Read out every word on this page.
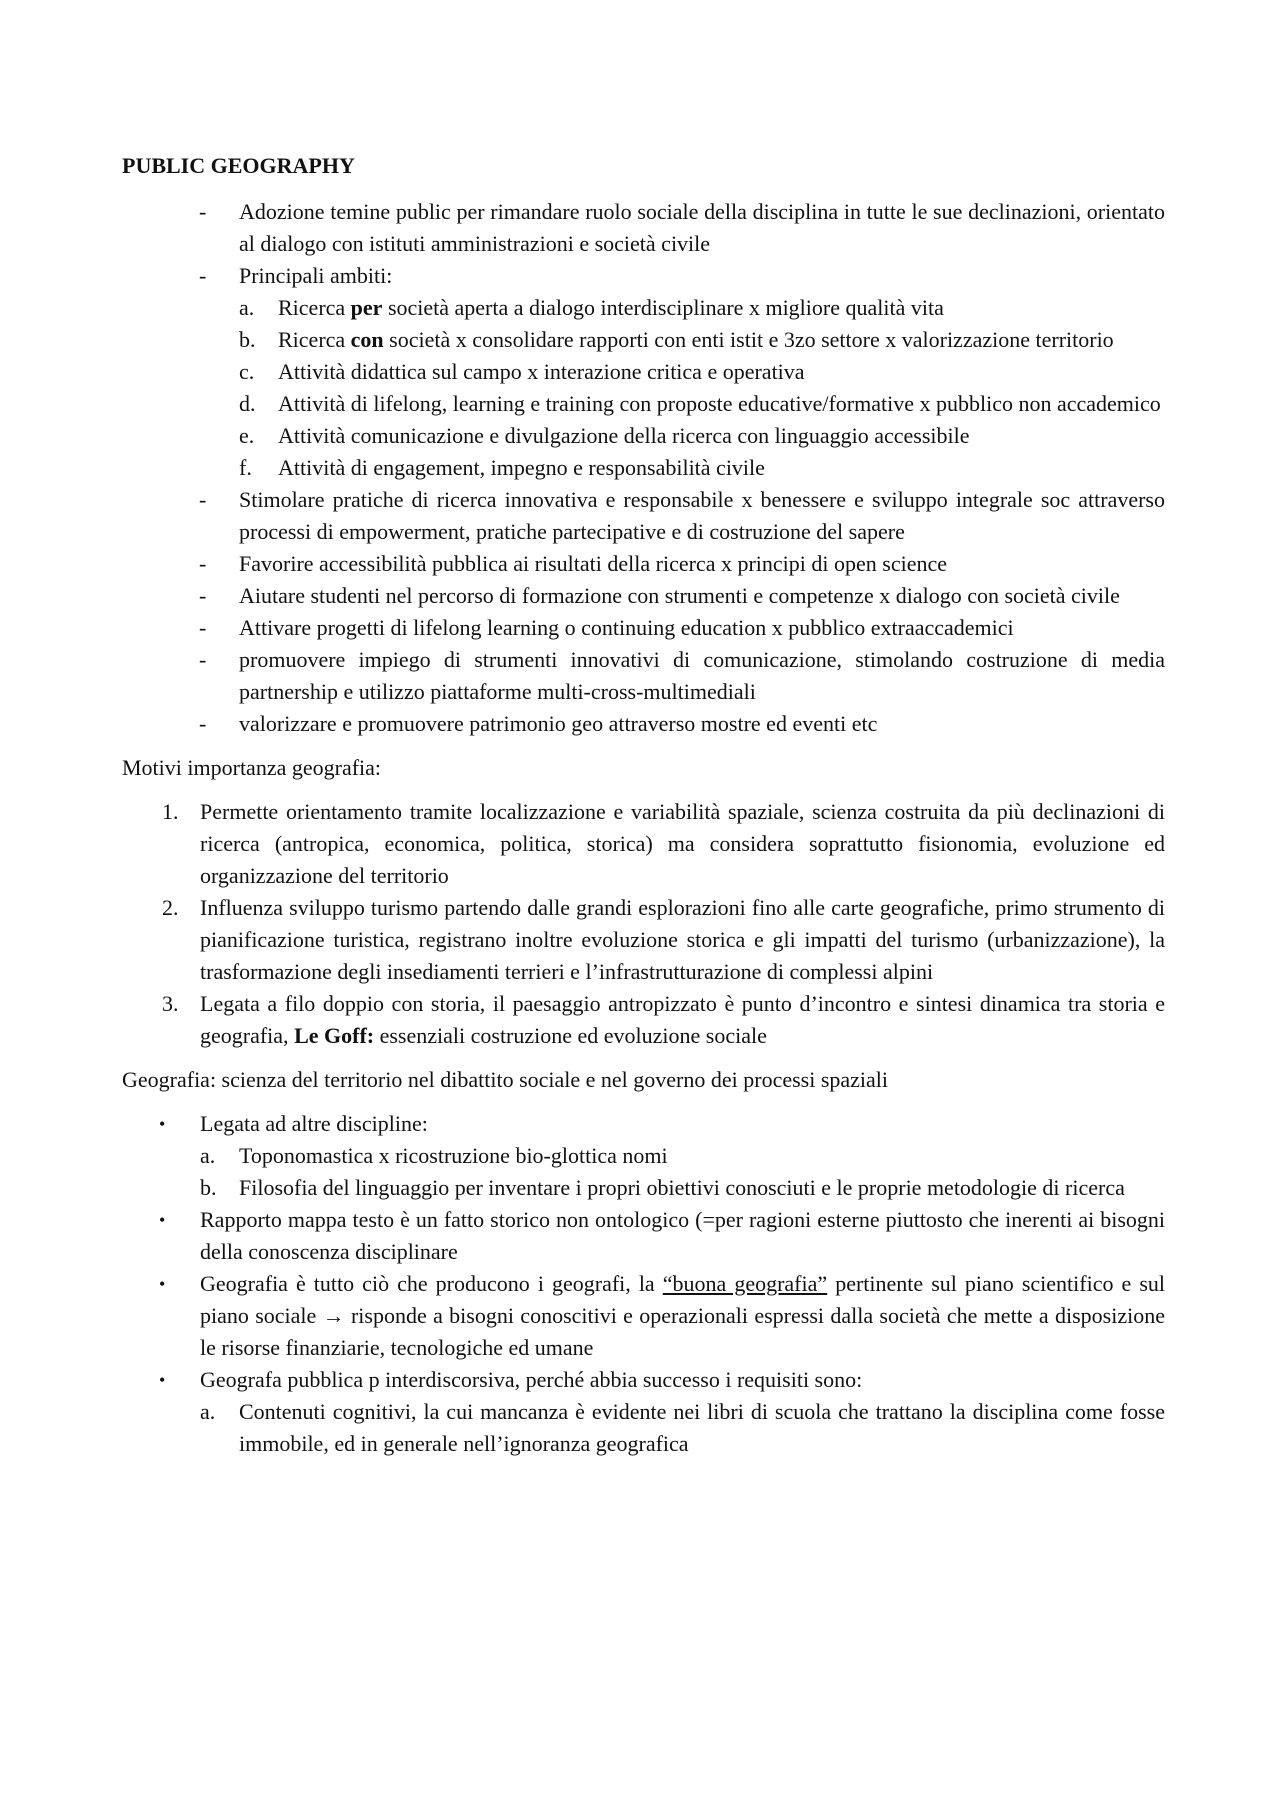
PUBLIC GEOGRAPHY
- Adozione temine public per rimandare ruolo sociale della disciplina in tutte le sue declinazioni, orientato al dialogo con istituti amministrazioni e società civile
- Principali ambiti:
a. Ricerca per società aperta a dialogo interdisciplinare x migliore qualità vita
b. Ricerca con società x consolidare rapporti con enti istit e 3zo settore x valorizzazione territorio
c. Attività didattica sul campo x interazione critica e operativa
d. Attività di lifelong, learning e training con proposte educative/formative x pubblico non accademico
e. Attività comunicazione e divulgazione della ricerca con linguaggio accessibile
f. Attività di engagement, impegno e responsabilità civile
- Stimolare pratiche di ricerca innovativa e responsabile x benessere e sviluppo integrale soc attraverso processi di empowerment, pratiche partecipative e di costruzione del sapere
- Favorire accessibilità pubblica ai risultati della ricerca x principi di open science
- Aiutare studenti nel percorso di formazione con strumenti e competenze x dialogo con società civile
- Attivare progetti di lifelong learning o continuing education x pubblico extraaccademici
- promuovere impiego di strumenti innovativi di comunicazione, stimolando costruzione di media partnership e utilizzo piattaforme multi-cross-multimediali
- valorizzare e promuovere patrimonio geo attraverso mostre ed eventi etc
Motivi importanza geografia:
1. Permette orientamento tramite localizzazione e variabilità spaziale, scienza costruita da più declinazioni di ricerca (antropica, economica, politica, storica) ma considera soprattutto fisionomia, evoluzione ed organizzazione del territorio
2. Influenza sviluppo turismo partendo dalle grandi esplorazioni fino alle carte geografiche, primo strumento di pianificazione turistica, registrano inoltre evoluzione storica e gli impatti del turismo (urbanizzazione), la trasformazione degli insediamenti terrieri e l’infrastrutturazione di complessi alpini
3. Legata a filo doppio con storia, il paesaggio antropizzato è punto d’incontro e sintesi dinamica tra storia e geografia, Le Goff: essenziali costruzione ed evoluzione sociale
Geografia: scienza del territorio nel dibattito sociale e nel governo dei processi spaziali
• Legata ad altre discipline:
a. Toponomastica x ricostruzione bio-glottica nomi
b. Filosofia del linguaggio per inventare i propri obiettivi conosciuti e le proprie metodologie di ricerca
• Rapporto mappa testo è un fatto storico non ontologico (=per ragioni esterne piuttosto che inerenti ai bisogni della conoscenza disciplinare
• Geografia è tutto ciò che producono i geografi, la “buona geografia” pertinente sul piano scientifico e sul piano sociale → risponde a bisogni conoscitivi e operazionali espressi dalla società che mette a disposizione le risorse finanziarie, tecnologiche ed umane
• Geografa pubblica p interdiscorsiva, perché abbia successo i requisiti sono:
a. Contenuti cognitivi, la cui mancanza è evidente nei libri di scuola che trattano la disciplina come fosse immobile, ed in generale nell’ignoranza geografica
